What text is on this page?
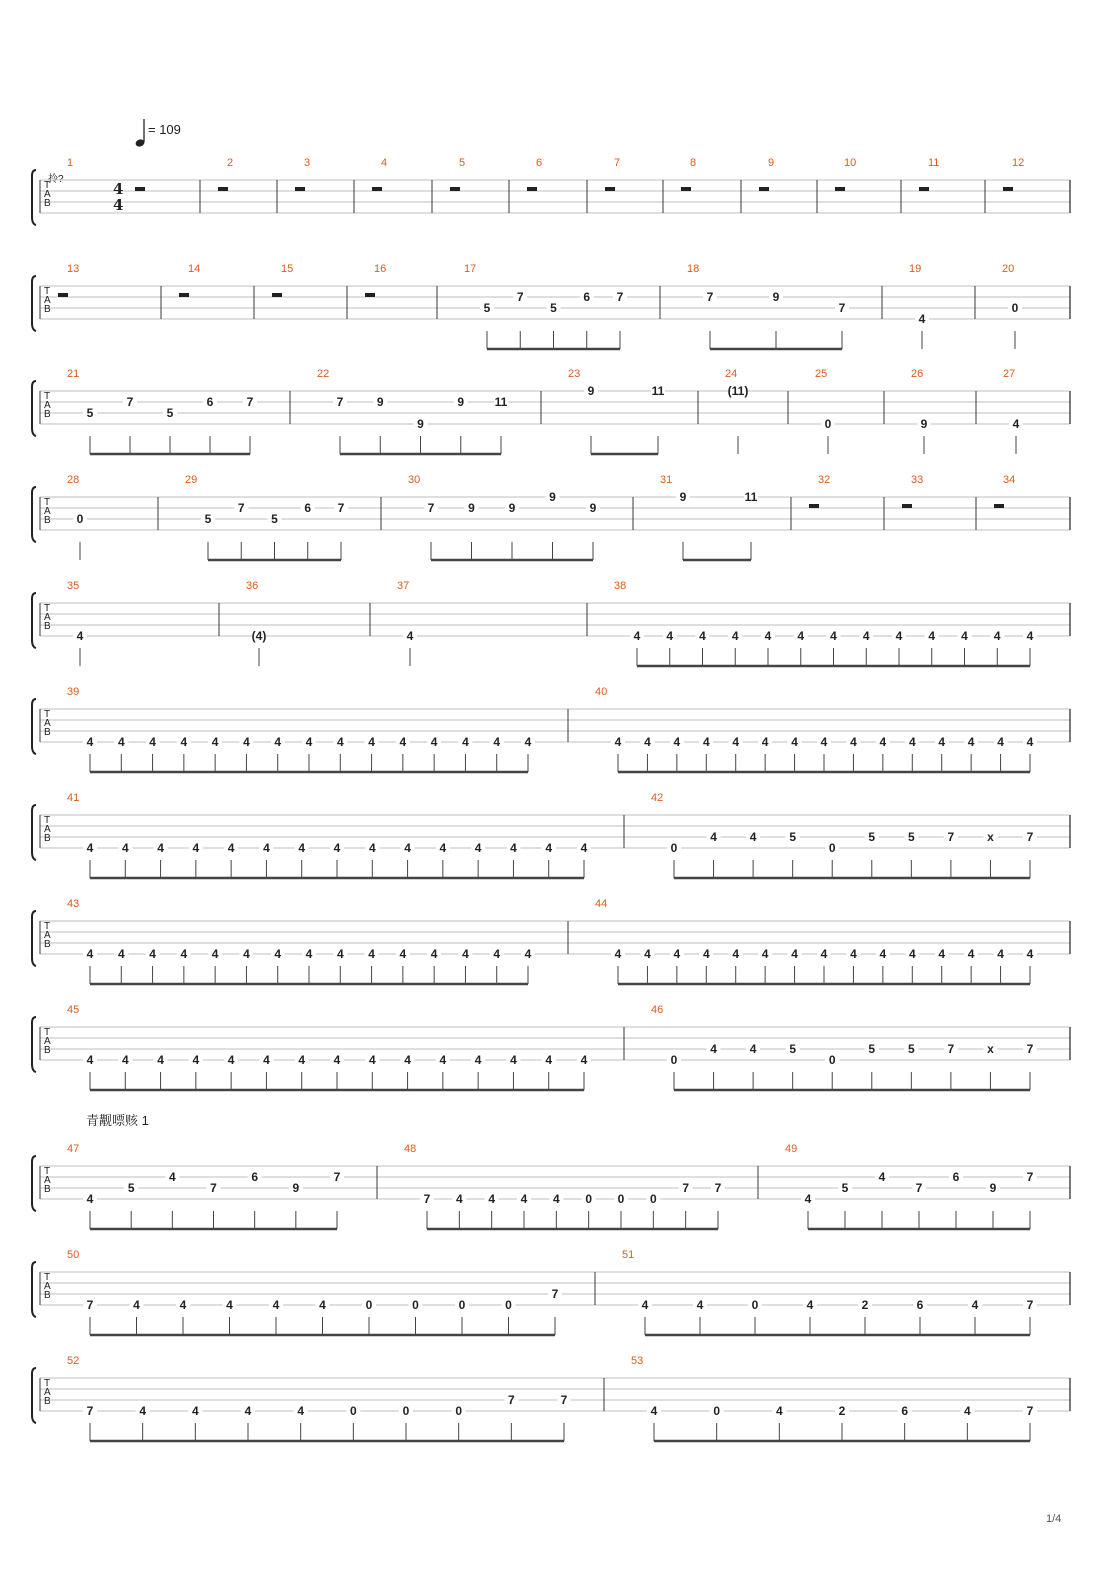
= 109
拎?
青觏嘌赅 1
1/4
T
A
B
4
4
1	2	3	4	5	6	7	8	9	10	11	12
T
A
B
13	14	15	16	17
5
7
5
6 7
18
7	9
7
19
4
20
0
T
A
B
21
5
7
5
6	7
22
7	9
9
9	11
23
9	11
24
(11)
25
0
26
9
27
4
T
A
B
28
0
29
5
7
5
6 7
30
7	9	9
9
9
31
9	11
32	33	34
T
A
B
35
4
36
(4)
37
4
38
4 4 4 4 4 4 4 4 4 4 4 4 4
T
A
B
39
4 4 4 4 4 4 4 4 4 4 4 4 4 4 4
40
4 4 4 4 4 4 4 4 4 4 4 4 4 4 4
T
A
B
41
4 4 4 4 4 4 4 4 4 4 4 4 4 4 4
42
0
4	4	5
0
5	5	7	x	7
T
A
B
43
4 4 4 4 4 4 4 4 4 4 4 4 4 4 4
44
4 4 4 4 4 4 4 4 4 4 4 4 4 4 4
T
A
B
45
4 4 4 4 4 4 4 4 4 4 4 4 4 4 4
46
0
4	4	5
0
5	5	7	x	7
T
A
B
47
4
5
4
7
6
9
7
48
7 4 4 4 4 0 0 0
7 7
49
4
5
4
7
6
9
7
T
A
B
50
7	4	4	4	4	4	0	0	0	0
7
51
4	4	0	4	2	6	4	7
T
A
B
52
7	4	4	4	4	0	0	0
7	7
53
4	0	4	2	6	4	7
